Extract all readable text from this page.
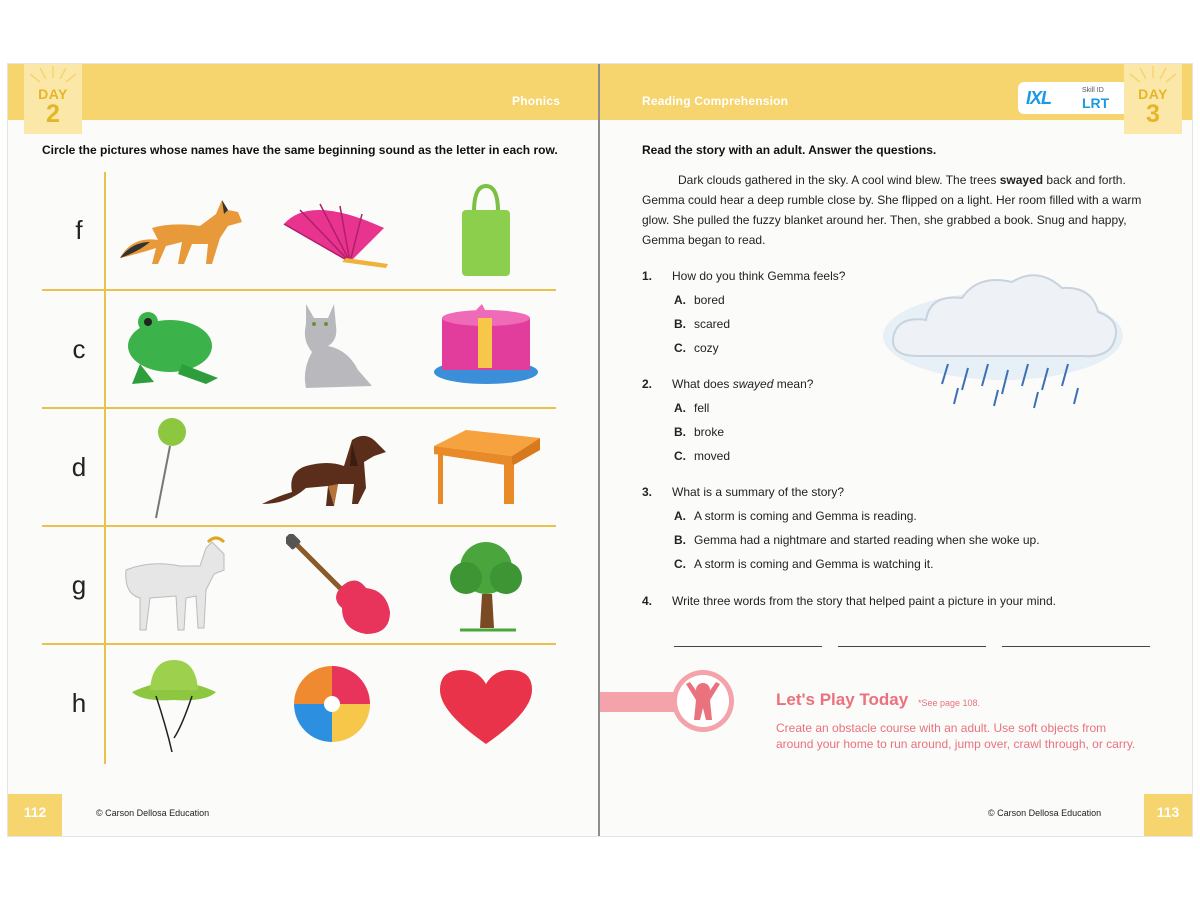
Phonics
DAY
2
Circle the pictures whose names have the same beginning sound as the letter in each row.
f
c
d
g
h
112	© Carson Dellosa Education
Reading Comprehension	IXL	Skill ID
LRT
DAY
3
Read the story with an adult. Answer the questions.

Dark clouds gathered in the sky. A cool wind blew. The trees swayed back and forth. Gemma could hear a deep rumble close by. She flipped on a light. Her room filled with a warm glow. She pulled the fuzzy blanket around her. Then, she grabbed a book. Snug and happy, Gemma began to read.

1. How do you think Gemma feels?
A. bored
B. scared
C. cozy
2. What does swayed mean?
A. fell
B. broke
C. moved
3. What is a summary of the story?
A. A storm is coming and Gemma is reading.
B. Gemma had a nightmare and started reading when she woke up.
C. A storm is coming and Gemma is watching it.
4. Write three words from the story that helped paint a picture in your mind.
Let's Play Today *See page 108.
Create an obstacle course with an adult. Use soft objects from around your home to run around, jump over, crawl through, or carry.
© Carson Dellosa Education	113
